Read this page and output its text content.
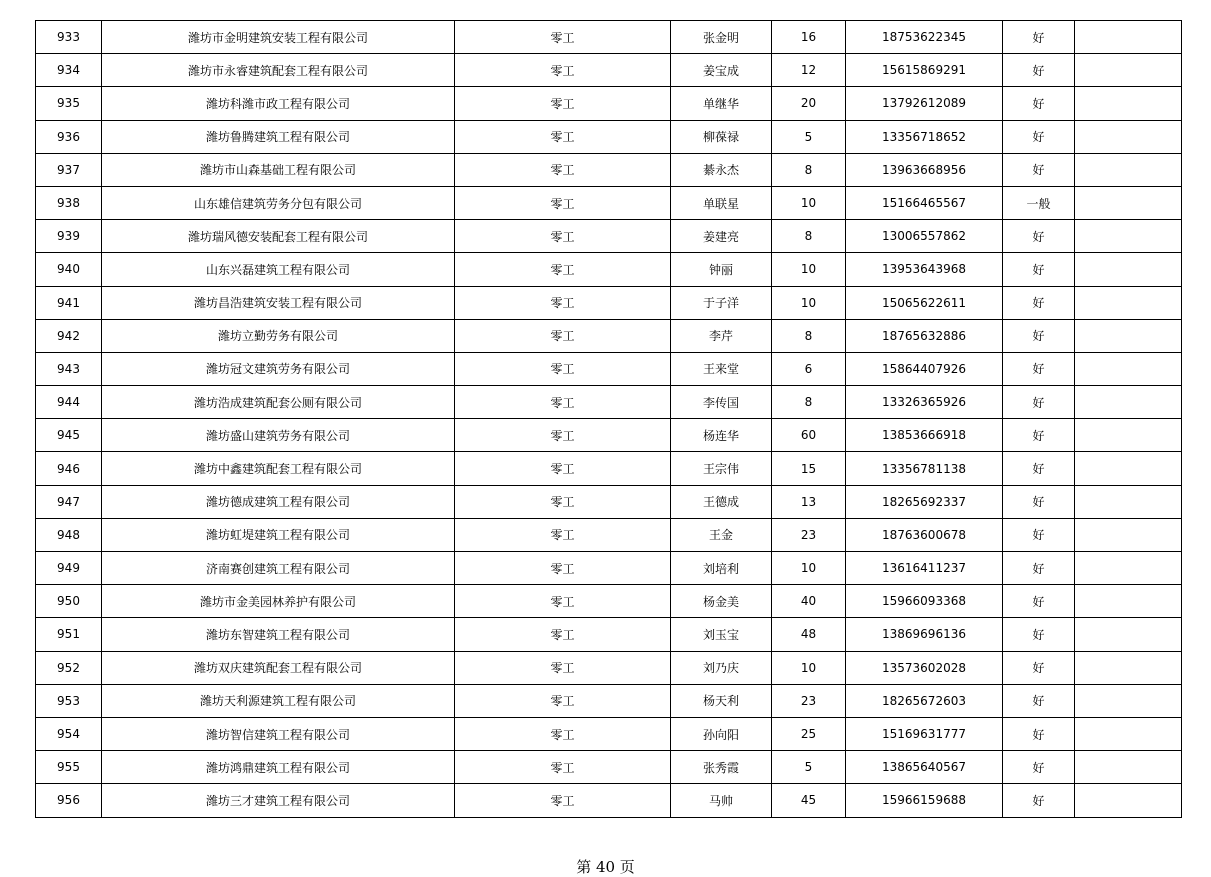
933	潍坊市金明建筑安装工程有限公司	零工	张金明	16	18753622345	好	
934	潍坊市永睿建筑配套工程有限公司	零工	姜宝成	12	15615869291	好	
935	潍坊科潍市政工程有限公司	零工	单继华	20	13792612089	好	
936	潍坊鲁腾建筑工程有限公司	零工	柳葆禄	5	13356718652	好	
937	潍坊市山森基础工程有限公司	零工	綦永杰	8	13963668956	好	
938	山东雄信建筑劳务分包有限公司	零工	单联星	10	15166465567	一般	
939	潍坊瑞风德安装配套工程有限公司	零工	姜建亮	8	13006557862	好	
940	山东兴磊建筑工程有限公司	零工	钟丽	10	13953643968	好	
941	潍坊昌浩建筑安装工程有限公司	零工	于子洋	10	15065622611	好	
942	潍坊立勤劳务有限公司	零工	李芹	8	18765632886	好	
943	潍坊冠文建筑劳务有限公司	零工	王来堂	6	15864407926	好	
944	潍坊浩成建筑配套公厕有限公司	零工	李传国	8	13326365926	好	
945	潍坊盛山建筑劳务有限公司	零工	杨连华	60	13853666918	好	
946	潍坊中鑫建筑配套工程有限公司	零工	王宗伟	15	13356781138	好	
947	潍坊德成建筑工程有限公司	零工	王德成	13	18265692337	好	
948	潍坊虹堤建筑工程有限公司	零工	王金	23	18763600678	好	
949	济南赛创建筑工程有限公司	零工	刘培利	10	13616411237	好	
950	潍坊市金美园林养护有限公司	零工	杨金美	40	15966093368	好	
951	潍坊东智建筑工程有限公司	零工	刘玉宝	48	13869696136	好	
952	潍坊双庆建筑配套工程有限公司	零工	刘乃庆	10	13573602028	好	
953	潍坊天利源建筑工程有限公司	零工	杨天利	23	18265672603	好	
954	潍坊智信建筑工程有限公司	零工	孙向阳	25	15169631777	好	
955	潍坊鸿鼎建筑工程有限公司	零工	张秀霞	5	13865640567	好	
956	潍坊三才建筑工程有限公司	零工	马帅	45	15966159688	好	
第 40 页
